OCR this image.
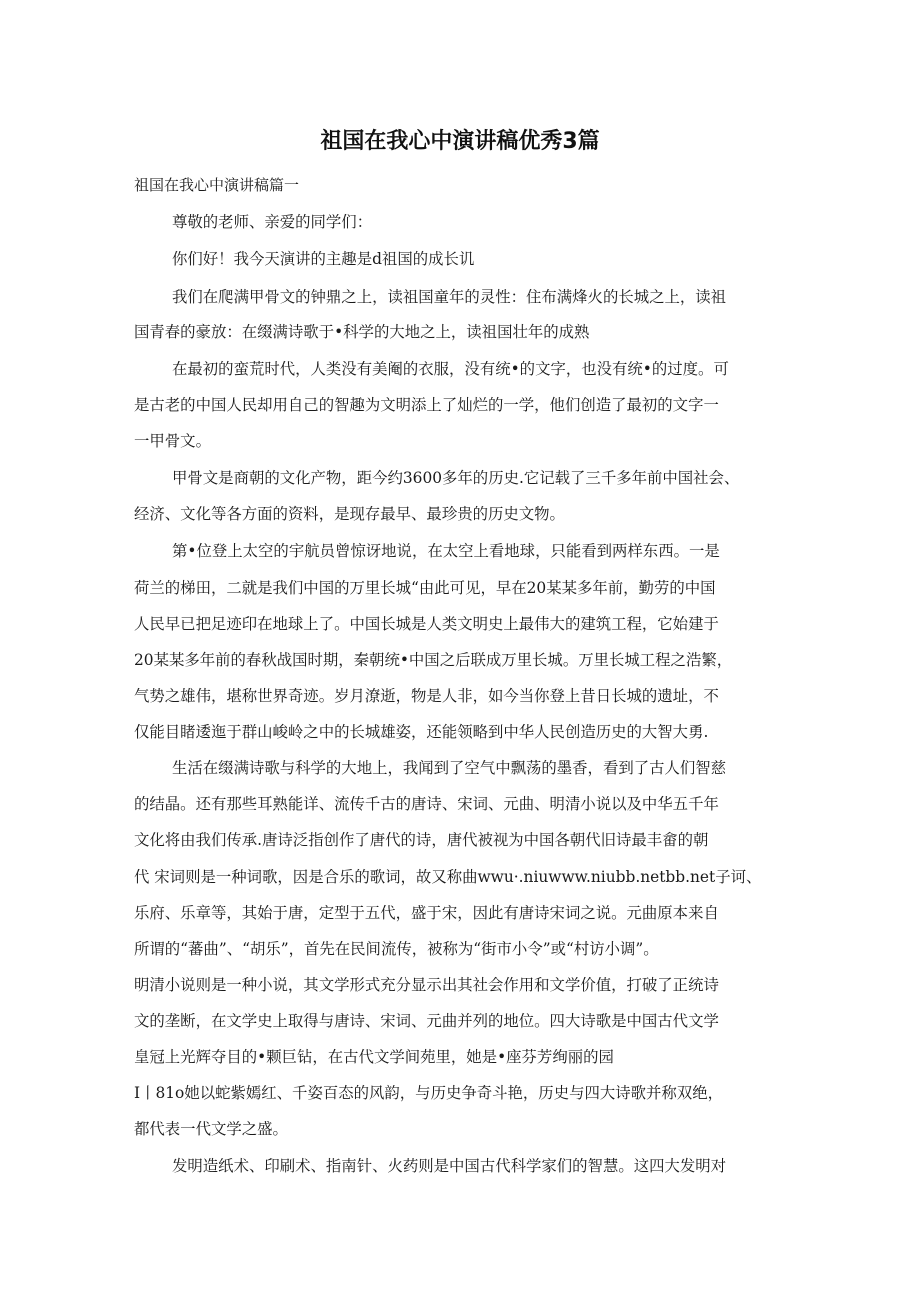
祖国在我心中演讲稿优秀3篇
祖国在我心中演讲稿篇一
尊敬的老师、亲爱的同学们：
你们好！我今天演讲的主趣是d祖国的成长讥
我们在爬满甲骨文的钟鼎之上，读祖国童年的灵性：住布满烽火的长城之上，读祖
国青春的豪放：在缀满诗歌于•科学的大地之上，读祖国壮年的成熟
在最初的蛮荒时代，人类没有美阉的衣服，没有统•的文字，也没有统•的过度。可
是古老的中国人民却用自己的智趣为文明添上了灿烂的一学，他们创造了最初的文字一
一甲骨文。
甲骨文是商朝的文化产物，距今约3600多年的历史.它记载了三千多年前中国社会、
经济、文化等各方面的资料，是现存最早、最珍贵的历史文物。
第•位登上太空的宇航员曾惊讶地说，在太空上看地球，只能看到两样东西。一是
荷兰的梯田，二就是我们中国的万里长城“由此可见，早在20某某多年前，勤劳的中国
人民早已把足迹印在地球上了。中国长城是人类文明史上最伟大的建筑工程，它始建于
20某某多年前的春秋战国时期，秦朝统•中国之后联成万里长城。万里长城工程之浩繁，
气势之雄伟，堪称世界奇迹。岁月潦逝，物是人非，如今当你登上昔日长城的遗址，不
仅能目睹逶迤于群山峻岭之中的长城雄姿，还能领略到中华人民创造历史的大智大勇.
生活在缀满诗歌与科学的大地上，我闻到了空气中飘荡的墨香，看到了古人们智慈
的结晶。还有那些耳熟能详、流传千古的唐诗、宋词、元曲、明清小说以及中华五千年
文化将由我们传承.唐诗泛指创作了唐代的诗，唐代被视为中国各朝代旧诗最丰畲的朝
代 宋词则是一种词歌，因是合乐的歌词，故又称曲wwu·.niuwww.niubb.netbb.net子诃、
乐府、乐章等，其始于唐，定型于五代，盛于宋，因此有唐诗宋词之说。元曲原本来自
所谓的“蕃曲”、“胡乐”，首先在民间流传，被称为“街市小令”或“村访小调”。
明清小说则是一种小说，其文学形式充分显示出其社会作用和文学价值，打破了正统诗
文的垄断，在文学史上取得与唐诗、宋词、元曲并列的地位。四大诗歌是中国古代文学
皇冠上光辉夺目的•颗巨钻，在古代文学间苑里，她是•座芬芳绚丽的园
I丨81o她以蛇紫嫣红、千姿百态的风韵，与历史争奇斗艳，历史与四大诗歌并称双绝，
都代表一代文学之盛。
发明造纸术、印刷术、指南针、火药则是中国古代科学家们的智慧。这四大发明对
